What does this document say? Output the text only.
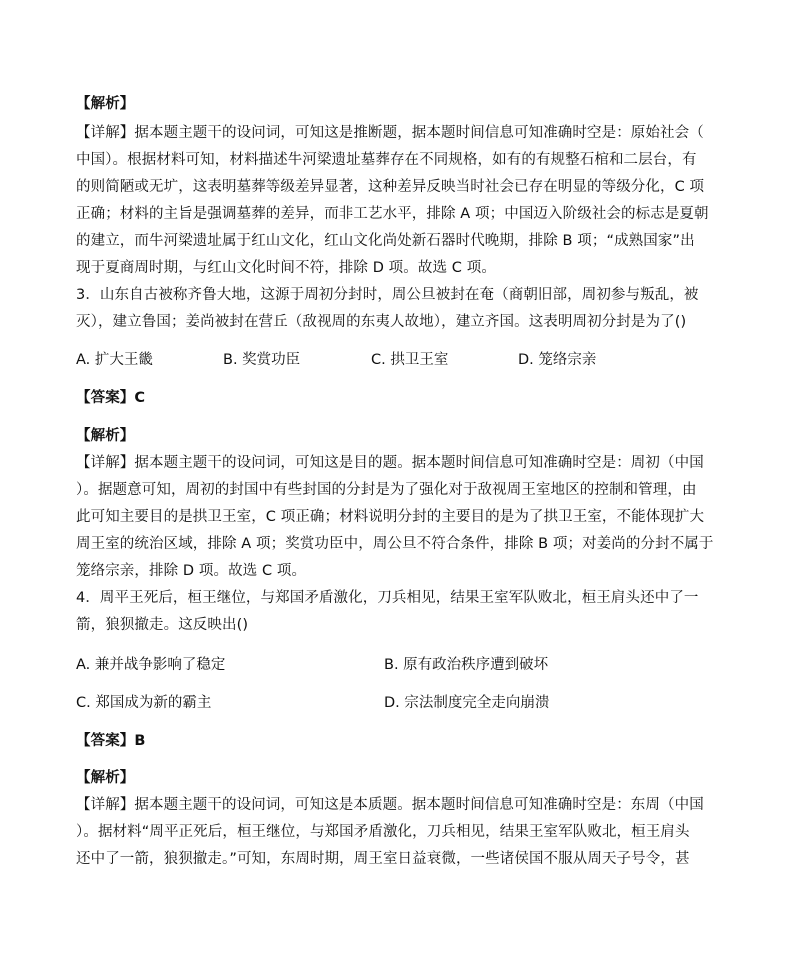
【解析】
【详解】据本题主题干的设问词，可知这是推断题，据本题时间信息可知准确时空是：原始社会（
中国）。根据材料可知，材料描述牛河梁遗址墓葬存在不同规格，如有的有规整石棺和二层台，有
的则简陋或无圹，这表明墓葬等级差异显著，这种差异反映当时社会已存在明显的等级分化，C 项
正确；材料的主旨是强调墓葬的差异，而非工艺水平，排除 A 项；中国迈入阶级社会的标志是夏朝
的建立，而牛河梁遗址属于红山文化，红山文化尚处新石器时代晚期，排除 B 项；“成熟国家”出
现于夏商周时期，与红山文化时间不符，排除 D 项。故选 C 项。
3．山东自古被称齐鲁大地，这源于周初分封时，周公旦被封在奄（商朝旧部，周初参与叛乱，被
灭），建立鲁国；姜尚被封在营丘（敌视周的东夷人故地），建立齐国。这表明周初分封是为了()
A. 扩大王畿	B. 奖赏功臣	C. 拱卫王室	D. 笼络宗亲
【答案】C
【解析】
【详解】据本题主题干的设问词，可知这是目的题。据本题时间信息可知准确时空是：周初（中国
）。据题意可知，周初的封国中有些封国的分封是为了强化对于敌视周王室地区的控制和管理，由
此可知主要目的是拱卫王室，C 项正确；材料说明分封的主要目的是为了拱卫王室，不能体现扩大
周王室的统治区域，排除 A 项；奖赏功臣中，周公旦不符合条件，排除 B 项；对姜尚的分封不属于
笼络宗亲，排除 D 项。故选 C 项。
4．周平王死后，桓王继位，与郑国矛盾激化，刀兵相见，结果王室军队败北，桓王肩头还中了一
箭，狼狈撤走。这反映出()
A. 兼并战争影响了稳定	B. 原有政治秩序遭到破坏
C. 郑国成为新的霸主	D. 宗法制度完全走向崩溃
【答案】B
【解析】
【详解】据本题主题干的设问词，可知这是本质题。据本题时间信息可知准确时空是：东周（中国
）。据材料“周平正死后，桓王继位，与郑国矛盾激化，刀兵相见，结果王室军队败北，桓王肩头
还中了一箭，狼狈撤走。”可知，东周时期，周王室日益衰微，一些诸侯国不服从周天子号令，甚
